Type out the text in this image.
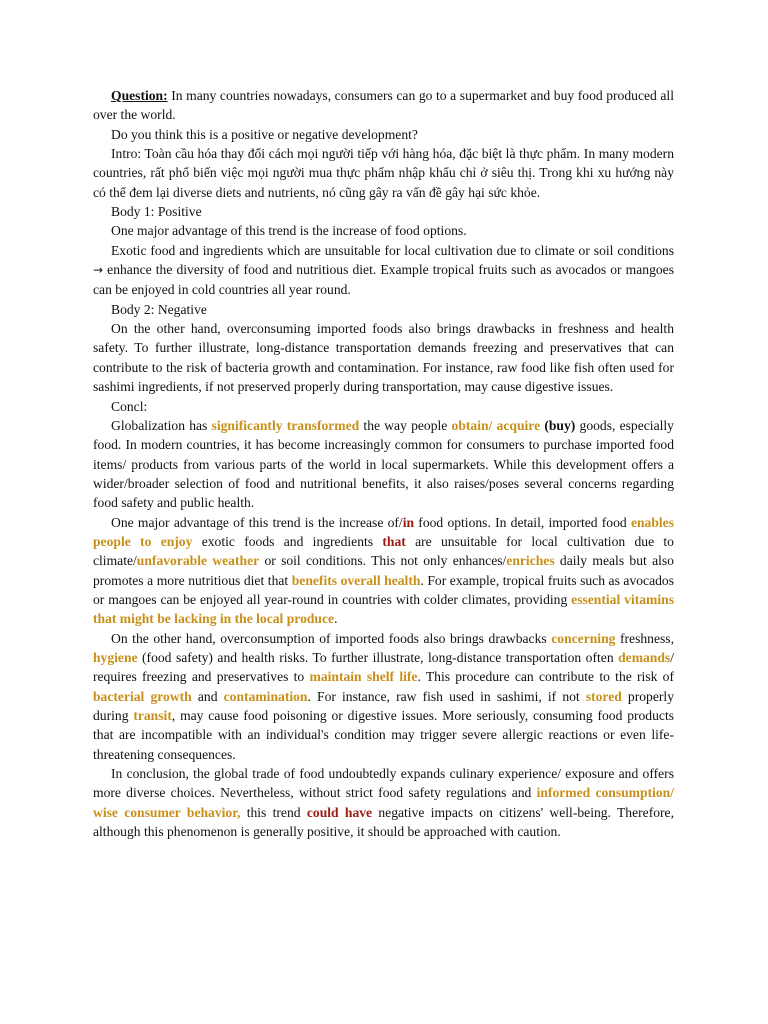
Question: In many countries nowadays, consumers can go to a supermarket and buy food produced all over the world.

Do you think this is a positive or negative development?

Intro: Toàn cầu hóa thay đổi cách mọi người tiếp với hàng hóa, đặc biệt là thực phẩm. In many modern countries, rất phổ biến việc mọi người mua thực phẩm nhập khẩu chỉ ở siêu thị. Trong khi xu hướng này có thể đem lại diverse diets and nutrients, nó cũng gây ra vấn đề gây hại sức khỏe.

Body 1: Positive

One major advantage of this trend is the increase of food options.

Exotic food and ingredients which are unsuitable for local cultivation due to climate or soil conditions → enhance the diversity of food and nutritious diet. Example tropical fruits such as avocados or mangoes can be enjoyed in cold countries all year round.

Body 2: Negative

On the other hand, overconsuming imported foods also brings drawbacks in freshness and health safety. To further illustrate, long-distance transportation demands freezing and preservatives that can contribute to the risk of bacteria growth and contamination. For instance, raw food like fish often used for sashimi ingredients, if not preserved properly during transportation, may cause digestive issues.

Concl:

Globalization has significantly transformed the way people obtain/ acquire (buy) goods, especially food. In modern countries, it has become increasingly common for consumers to purchase imported food items/ products from various parts of the world in local supermarkets. While this development offers a wider/broader selection of food and nutritional benefits, it also raises/poses several concerns regarding food safety and public health.

One major advantage of this trend is the increase of/in food options. In detail, imported food enables people to enjoy exotic foods and ingredients that are unsuitable for local cultivation due to climate/unfavorable weather or soil conditions. This not only enhances/enriches daily meals but also promotes a more nutritious diet that benefits overall health. For example, tropical fruits such as avocados or mangoes can be enjoyed all year-round in countries with colder climates, providing essential vitamins that might be lacking in the local produce.

On the other hand, overconsumption of imported foods also brings drawbacks concerning freshness, hygiene (food safety) and health risks. To further illustrate, long-distance transportation often demands/ requires freezing and preservatives to maintain shelf life. This procedure can contribute to the risk of bacterial growth and contamination. For instance, raw fish used in sashimi, if not stored properly during transit, may cause food poisoning or digestive issues. More seriously, consuming food products that are incompatible with an individual's condition may trigger severe allergic reactions or even life-threatening consequences.

In conclusion, the global trade of food undoubtedly expands culinary experience/ exposure and offers more diverse choices. Nevertheless, without strict food safety regulations and informed consumption/ wise consumer behavior, this trend could have negative impacts on citizens' well-being. Therefore, although this phenomenon is generally positive, it should be approached with caution.
